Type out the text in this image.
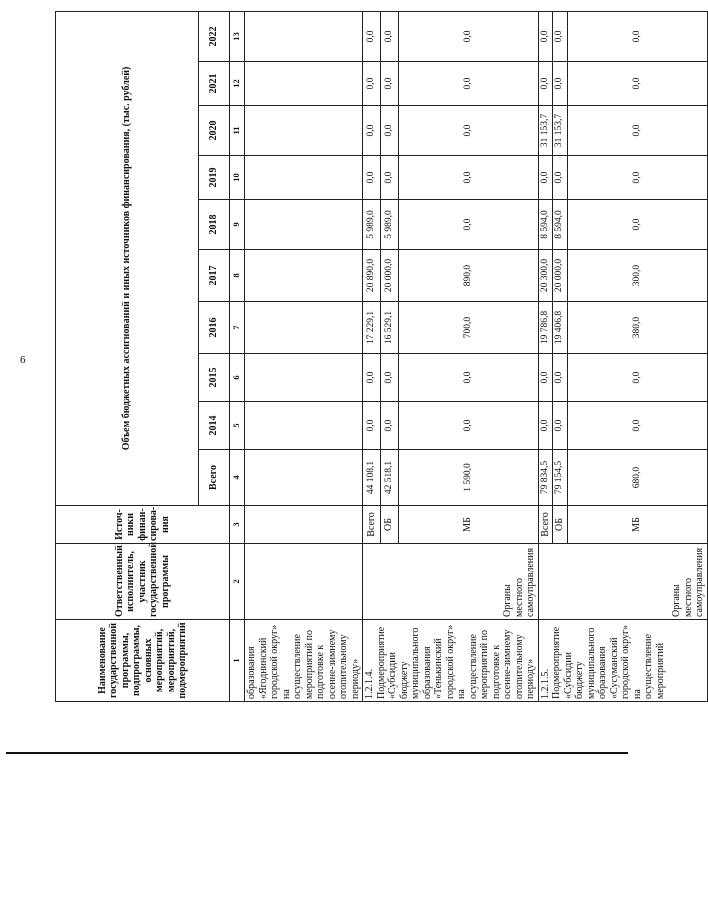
6
Наименование государственной программы, подпрограммы, основных мероприятий, мероприятий, подмероприятий	Ответственный исполнитель, участник государственной программы	Источ- ники финан- сирова- ния	Объем бюджетных ассигнований и иных источников финансирования, (тыс. рублей)									
			Всего	2014	2015	2016	2017	2018	2019	2020	2021	2022
1	2	3	4	5	6	7	8	9	10	11	12	13
образования «Ягоднинский городской округ» на осуществление мероприятий по подготовке к осенне-зимнему отопительному периоду»												
1.2.1.4. Подмероприятие «Субсидии бюджету муниципального образования «Тенькинский городской округ» на осуществление мероприятий по подготовке к осенне-зимнему отопительному периоду»	Органы местного самоуправления	Всего	44 108,1	0,0	0,0	17 229,1	20 890,0	5 989,0	0,0	0,0	0,0	0,0
		ОБ	42 518,1	0,0	0,0	16 529,1	20 000,0	5 989,0	0,0	0,0	0,0	0,0
		МБ	1 590,0	0,0	0,0	700,0	890,0	0,0	0,0	0,0	0,0	0,0
1.2.1.5. Подмероприятие «Субсидии бюджету муниципального образования «Сусуманский городской округ» на осуществление мероприятий	Органы местного самоуправления	Всего	79 834,5	0,0	0,0	19 786,8	20 300,0	8 594,0	0,0	31 153,7	0,0	0,0
		ОБ	79 154,5	0,0	0,0	19 406,8	20 000,0	8 594,0	0,0	31 153,7	0,0	0,0
		МБ	680,0	0,0	0,0	380,0	300,0	0,0	0,0	0,0	0,0	0,0
